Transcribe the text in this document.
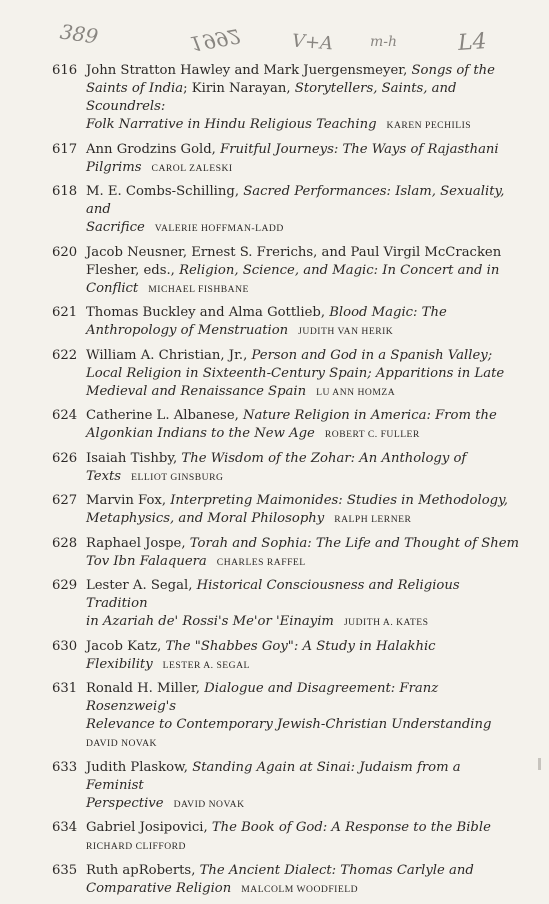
389	1992	V+A	m-h	L4
616 John Stratton Hawley and Mark Juergensmeyer, Songs of the
Saints of India; Kirin Narayan, Storytellers, Saints, and Scoundrels:
Folk Narrative in Hindu Religious Teaching KAREN PECHILIS
617 Ann Grodzins Gold, Fruitful Journeys: The Ways of Rajasthani
Pilgrims CAROL ZALESKI
618 M. E. Combs-Schilling, Sacred Performances: Islam, Sexuality, and
Sacrifice VALERIE HOFFMAN-LADD
620 Jacob Neusner, Ernest S. Frerichs, and Paul Virgil McCracken
Flesher, eds., Religion, Science, and Magic: In Concert and in
Conflict MICHAEL FISHBANE
621 Thomas Buckley and Alma Gottlieb, Blood Magic: The
Anthropology of Menstruation JUDITH VAN HERIK
622 William A. Christian, Jr., Person and God in a Spanish Valley;
Local Religion in Sixteenth-Century Spain; Apparitions in Late
Medieval and Renaissance Spain LU ANN HOMZA
624 Catherine L. Albanese, Nature Religion in America: From the
Algonkian Indians to the New Age ROBERT C. FULLER
626 Isaiah Tishby, The Wisdom of the Zohar: An Anthology of
Texts ELLIOT GINSBURG
627 Marvin Fox, Interpreting Maimonides: Studies in Methodology,
Metaphysics, and Moral Philosophy RALPH LERNER
628 Raphael Jospe, Torah and Sophia: The Life and Thought of Shem
Tov Ibn Falaquera CHARLES RAFFEL
629 Lester A. Segal, Historical Consciousness and Religious Tradition
in Azariah de' Rossi's Me'or 'Einayim JUDITH A. KATES
630 Jacob Katz, The "Shabbes Goy": A Study in Halakhic
Flexibility LESTER A. SEGAL
631 Ronald H. Miller, Dialogue and Disagreement: Franz Rosenzweig's
Relevance to Contemporary Jewish-Christian Understanding
DAVID NOVAK
633 Judith Plaskow, Standing Again at Sinai: Judaism from a Feminist
Perspective DAVID NOVAK
634 Gabriel Josipovici, The Book of God: A Response to the Bible
RICHARD CLIFFORD
635 Ruth apRoberts, The Ancient Dialect: Thomas Carlyle and
Comparative Religion MALCOLM WOODFIELD
